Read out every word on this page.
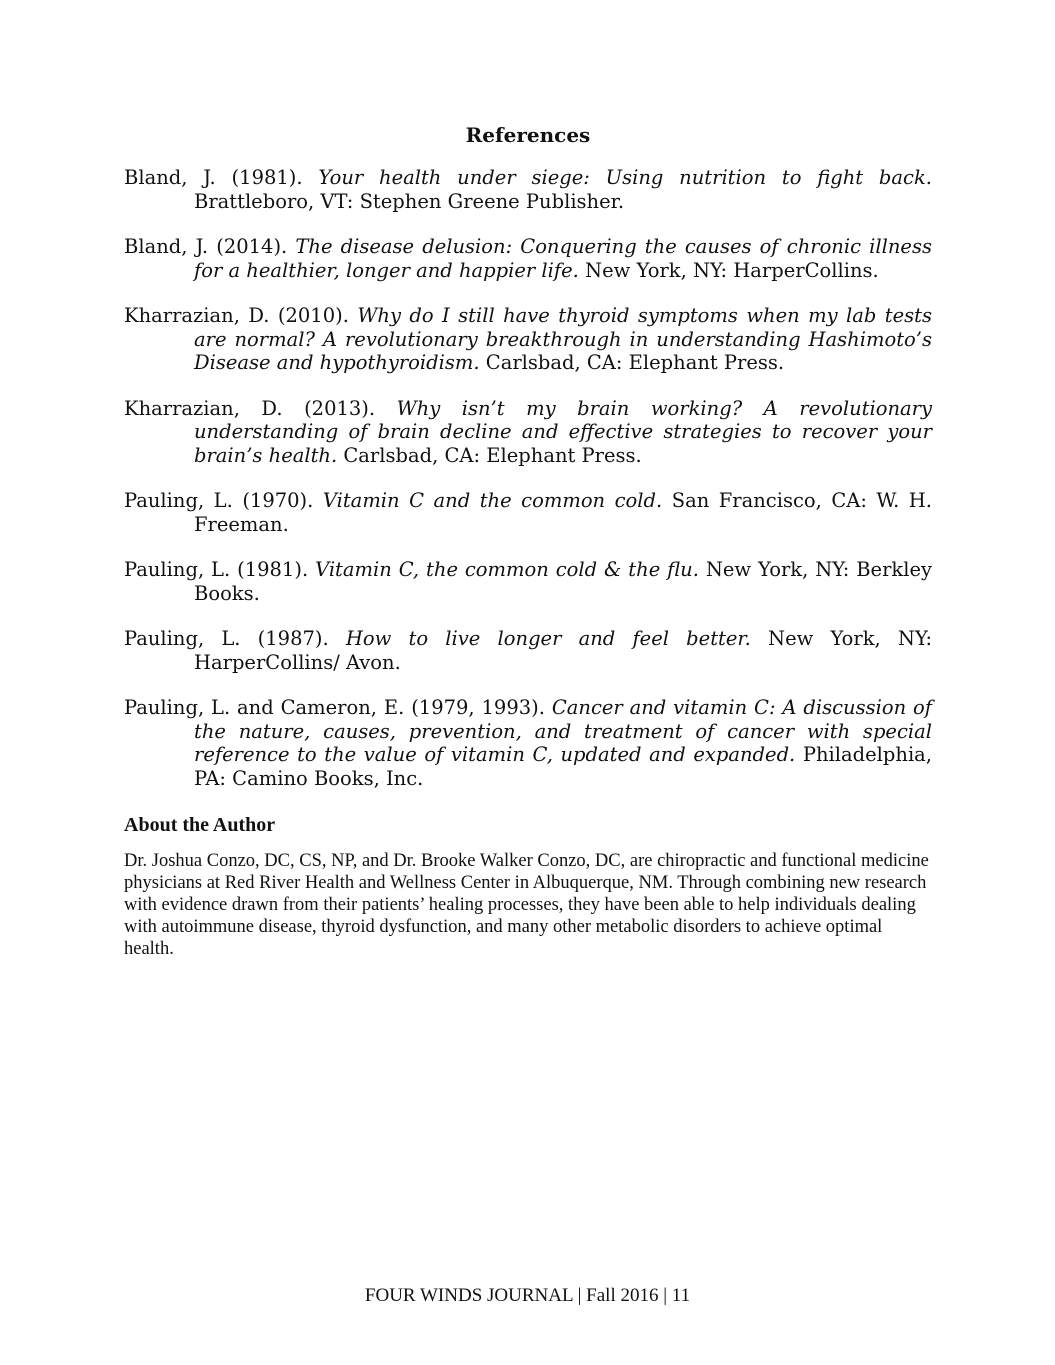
References

Bland, J. (1981). Your health under siege: Using nutrition to fight back. Brattleboro, VT: Stephen Greene Publisher.

Bland, J. (2014). The disease delusion: Conquering the causes of chronic illness for a healthier, longer and happier life. New York, NY: HarperCollins.

Kharrazian, D. (2010). Why do I still have thyroid symptoms when my lab tests are normal? A revolutionary breakthrough in understanding Hashimoto’s Disease and hypothyroidism. Carlsbad, CA: Elephant Press.

Kharrazian, D. (2013). Why isn’t my brain working? A revolutionary understanding of brain decline and effective strategies to recover your brain’s health. Carlsbad, CA: Elephant Press.

Pauling, L. (1970). Vitamin C and the common cold. San Francisco, CA: W. H. Freeman.

Pauling, L. (1981). Vitamin C, the common cold & the flu. New York, NY: Berkley Books.

Pauling, L. (1987). How to live longer and feel better. New York, NY: HarperCollins/ Avon.

Pauling, L. and Cameron, E. (1979, 1993). Cancer and vitamin C: A discussion of the nature, causes, prevention, and treatment of cancer with special reference to the value of vitamin C, updated and expanded. Philadelphia, PA: Camino Books, Inc.

About the Author

Dr. Joshua Conzo, DC, CS, NP, and Dr. Brooke Walker Conzo, DC, are chiropractic and functional medicine physicians at Red River Health and Wellness Center in Albuquerque, NM. Through combining new research with evidence drawn from their patients’ healing processes, they have been able to help individuals dealing with autoimmune disease, thyroid dysfunction, and many other metabolic disorders to achieve optimal health.

FOUR WINDS JOURNAL | Fall 2016 | 11
